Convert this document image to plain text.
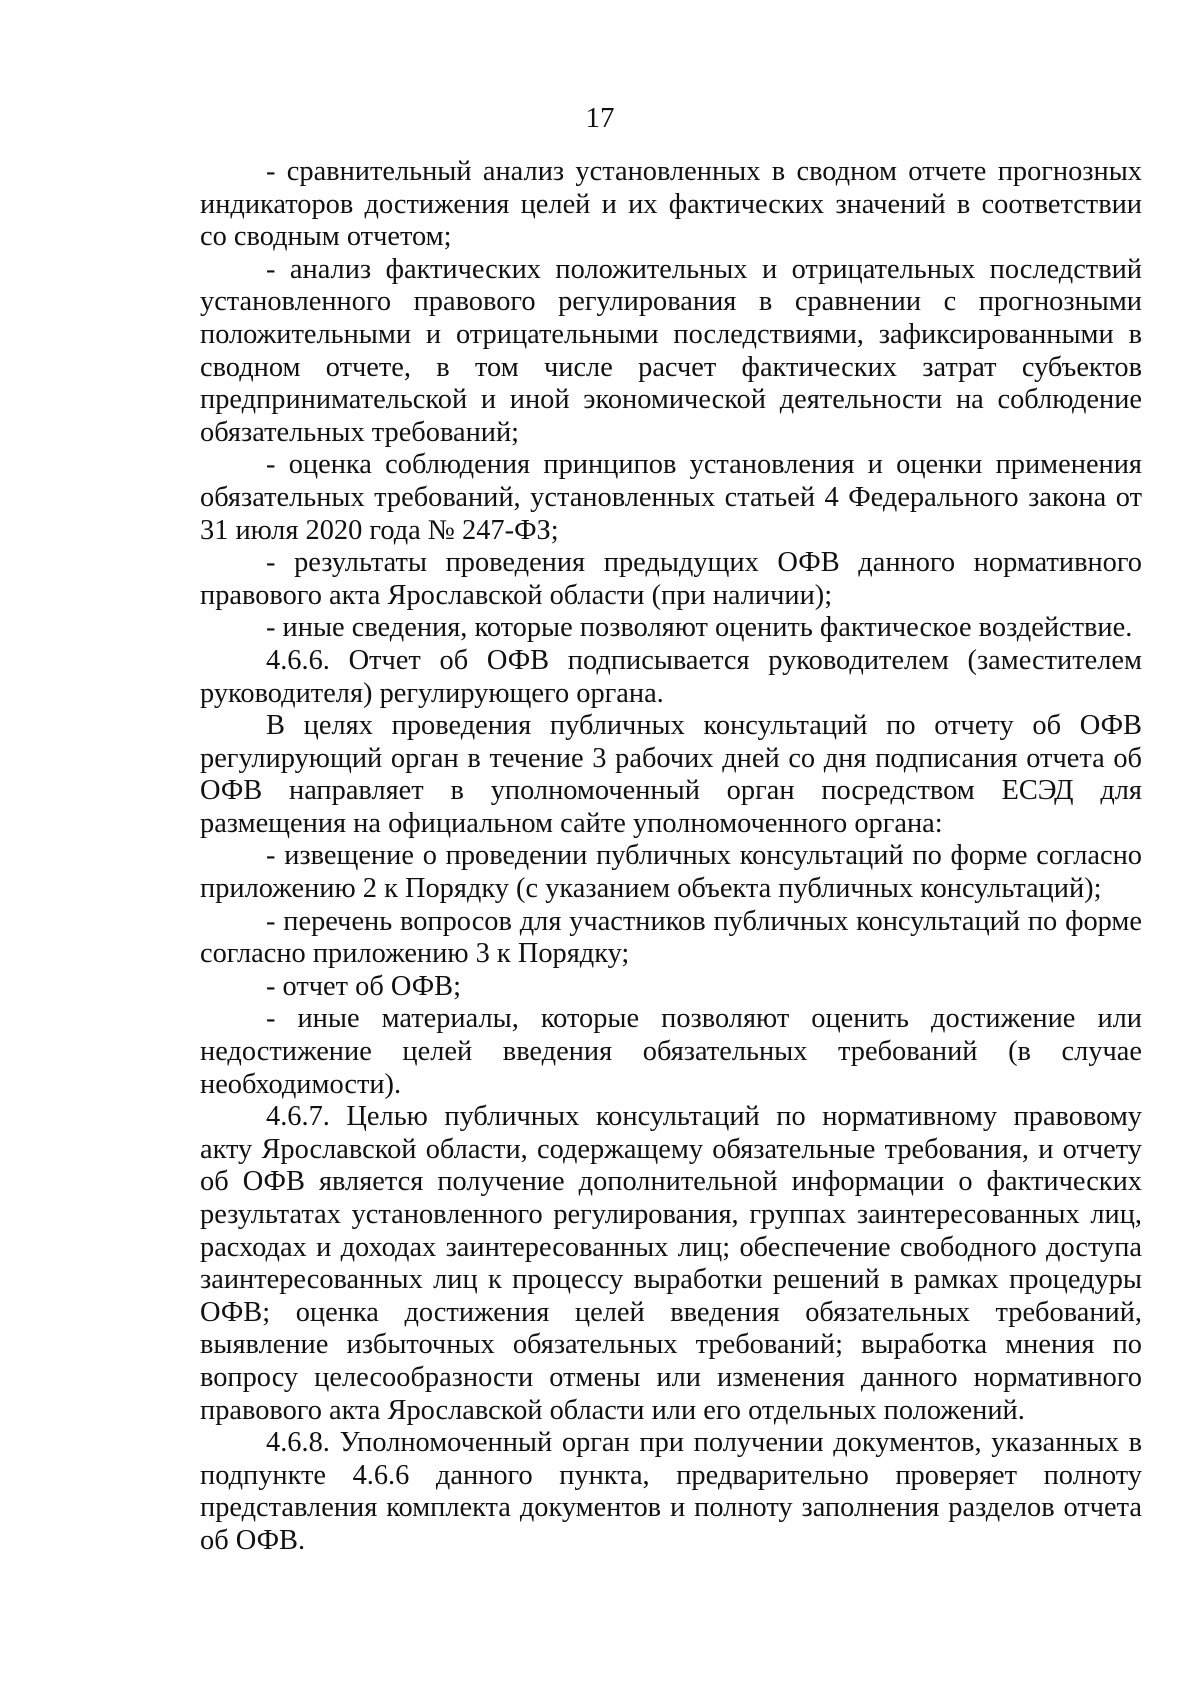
17

- сравнительный анализ установленных в сводном отчете прогнозных индикаторов достижения целей и их фактических значений в соответствии со сводным отчетом;

- анализ фактических положительных и отрицательных последствий установленного правового регулирования в сравнении с прогнозными положительными и отрицательными последствиями, зафиксированными в сводном отчете, в том числе расчет фактических затрат субъектов предпринимательской и иной экономической деятельности на соблюдение обязательных требований;

- оценка соблюдения принципов установления и оценки применения обязательных требований, установленных статьей 4 Федерального закона от 31 июля 2020 года № 247-ФЗ;

- результаты проведения предыдущих ОФВ данного нормативного правового акта Ярославской области (при наличии);

- иные сведения, которые позволяют оценить фактическое воздействие.

4.6.6. Отчет об ОФВ подписывается руководителем (заместителем руководителя) регулирующего органа.

В целях проведения публичных консультаций по отчету об ОФВ регулирующий орган в течение 3 рабочих дней со дня подписания отчета об ОФВ направляет в уполномоченный орган посредством ЕСЭД для размещения на официальном сайте уполномоченного органа:

- извещение о проведении публичных консультаций по форме согласно приложению 2 к Порядку (с указанием объекта публичных консультаций);

- перечень вопросов для участников публичных консультаций по форме согласно приложению 3 к Порядку;

- отчет об ОФВ;

- иные материалы, которые позволяют оценить достижение или недостижение целей введения обязательных требований (в случае необходимости).

4.6.7. Целью публичных консультаций по нормативному правовому акту Ярославской области, содержащему обязательные требования, и отчету об ОФВ является получение дополнительной информации о фактических результатах установленного регулирования, группах заинтересованных лиц, расходах и доходах заинтересованных лиц; обеспечение свободного доступа заинтересованных лиц к процессу выработки решений в рамках процедуры ОФВ; оценка достижения целей введения обязательных требований, выявление избыточных обязательных требований; выработка мнения по вопросу целесообразности отмены или изменения данного нормативного правового акта Ярославской области или его отдельных положений.

4.6.8. Уполномоченный орган при получении документов, указанных в подпункте 4.6.6 данного пункта, предварительно проверяет полноту представления комплекта документов и полноту заполнения разделов отчета об ОФВ.
